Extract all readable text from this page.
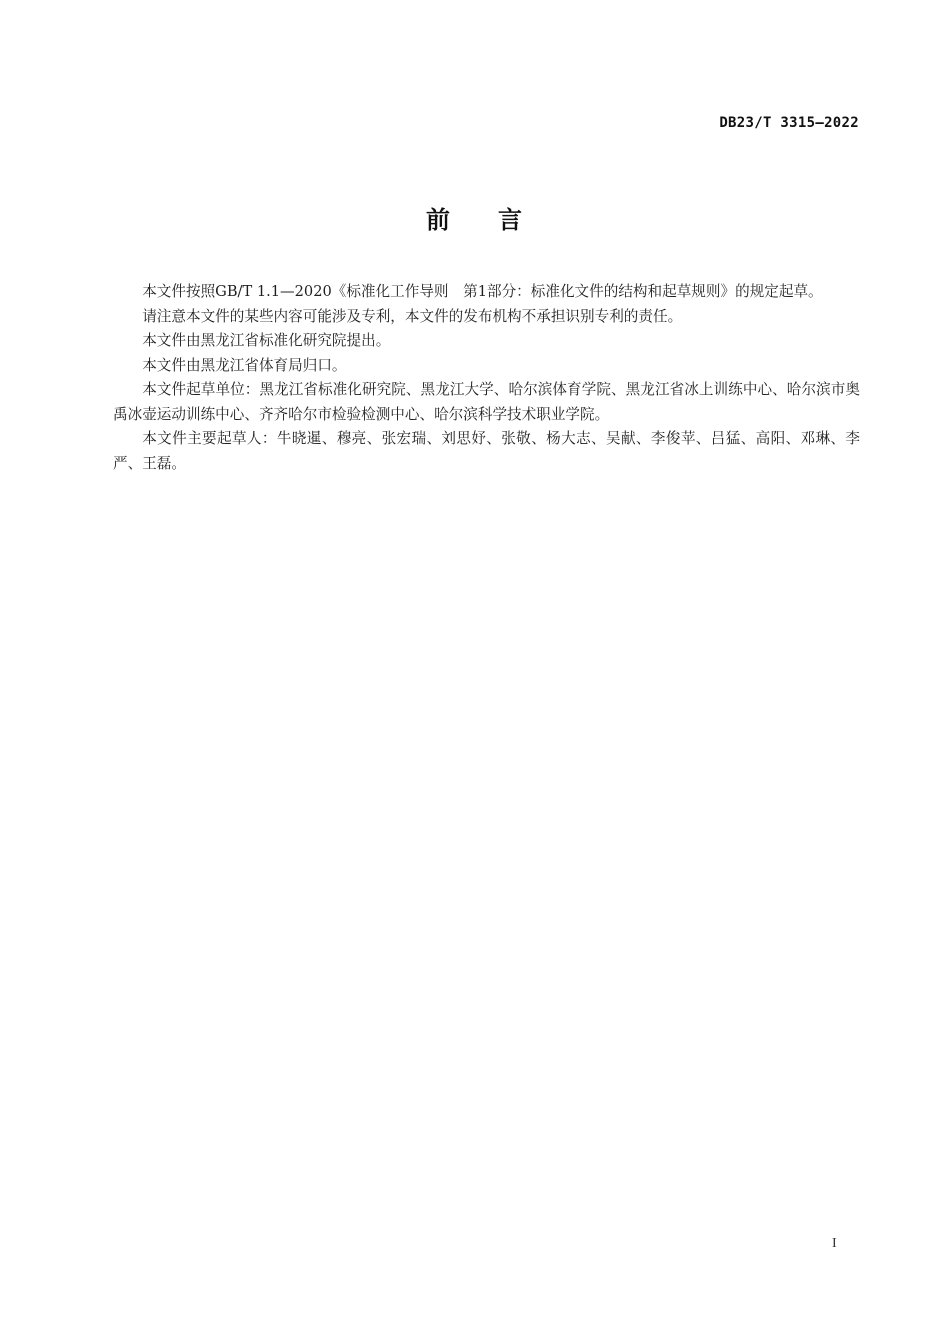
DB23/T 3315—2022
前 言

本文件按照GB/T 1.1—2020《标准化工作导则　第1部分：标准化文件的结构和起草规则》的规定起草。

请注意本文件的某些内容可能涉及专利，本文件的发布机构不承担识别专利的责任。

本文件由黑龙江省标准化研究院提出。

本文件由黑龙江省体育局归口。

本文件起草单位：黑龙江省标准化研究院、黑龙江大学、哈尔滨体育学院、黑龙江省冰上训练中心、哈尔滨市奥禹冰壶运动训练中心、齐齐哈尔市检验检测中心、哈尔滨科学技术职业学院。

本文件主要起草人：牛晓暹、穆亮、张宏瑞、刘思妤、张敬、杨大志、吴献、李俊苹、吕猛、高阳、邓琳、李严、王磊。

I
